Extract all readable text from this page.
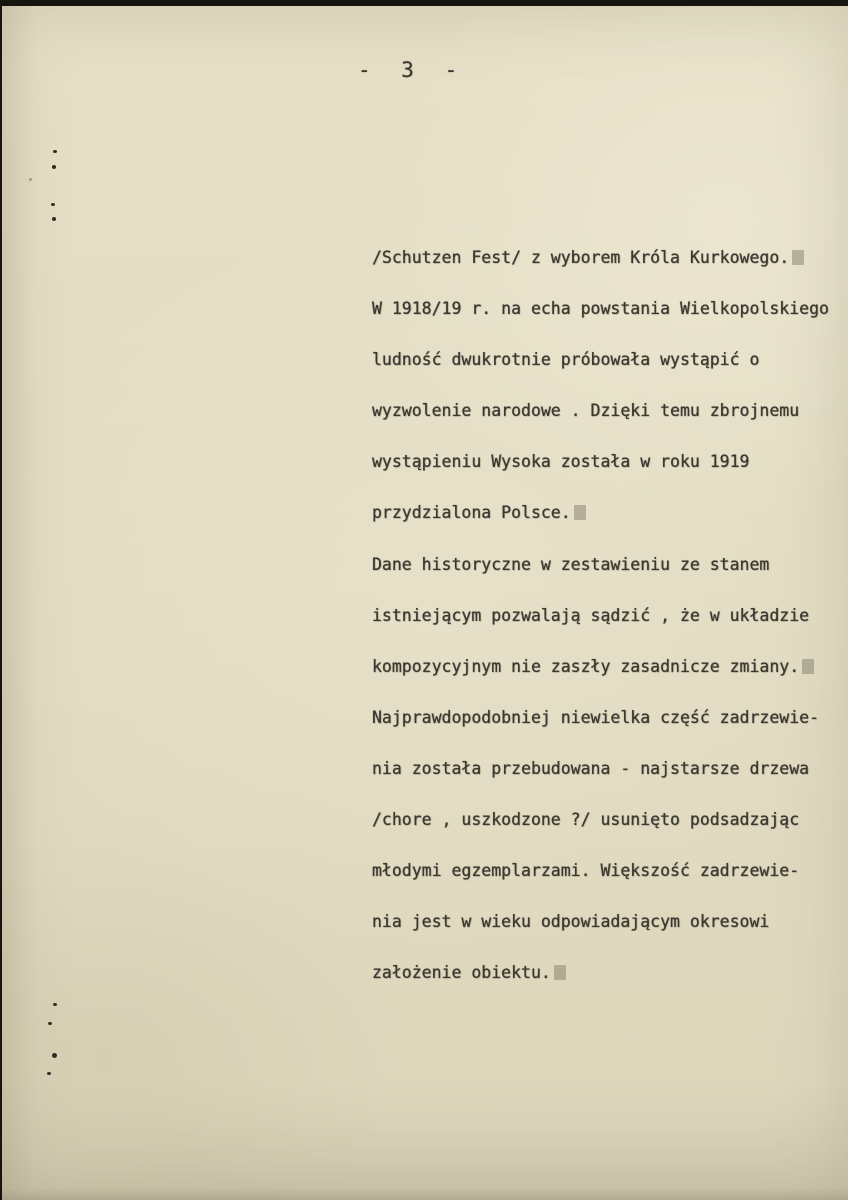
- 3 -
/Schutzen Fest/ z wyborem Króla Kurkowego.
W 1918/19 r. na echa powstania Wielkopolskiego
ludność dwukrotnie próbowała wystąpić o
wyzwolenie narodowe . Dzięki temu zbrojnemu
wystąpieniu Wysoka została w roku 1919
przydzialona Polsce.
Dane historyczne w zestawieniu ze stanem
istniejącym pozwalają sądzić , że w układzie
kompozycyjnym nie zaszły zasadnicze zmiany.
Najprawdopodobniej niewielka część zadrzewie-
nia została przebudowana - najstarsze drzewa
/chore , uszkodzone ?/ usunięto podsadzając
młodymi egzemplarzami. Większość zadrzewie-
nia jest w wieku odpowiadającym okresowi
założenie obiektu.
